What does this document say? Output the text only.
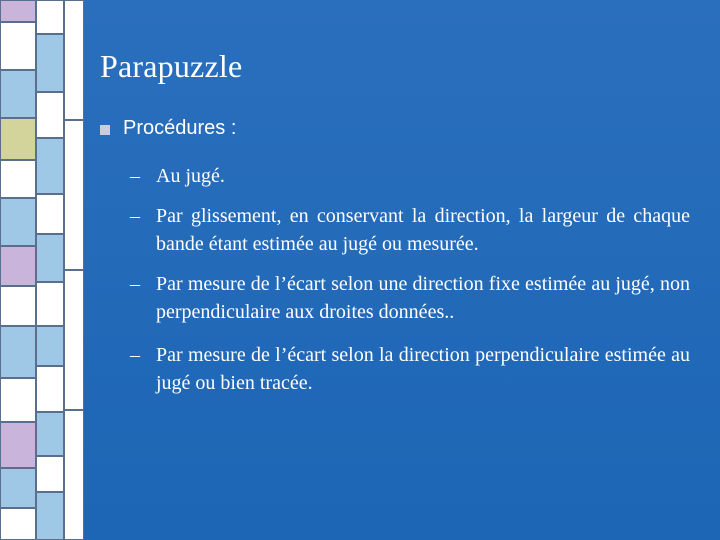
Parapuzzle
Procédures :
– Au jugé.
– Par glissement, en conservant la direction, la largeur de chaque bande étant estimée au jugé ou mesurée.
– Par mesure de l’écart selon une direction fixe estimée au jugé, non perpendiculaire aux droites données..
– Par mesure de l’écart selon la direction perpendiculaire estimée au jugé ou bien tracée.
